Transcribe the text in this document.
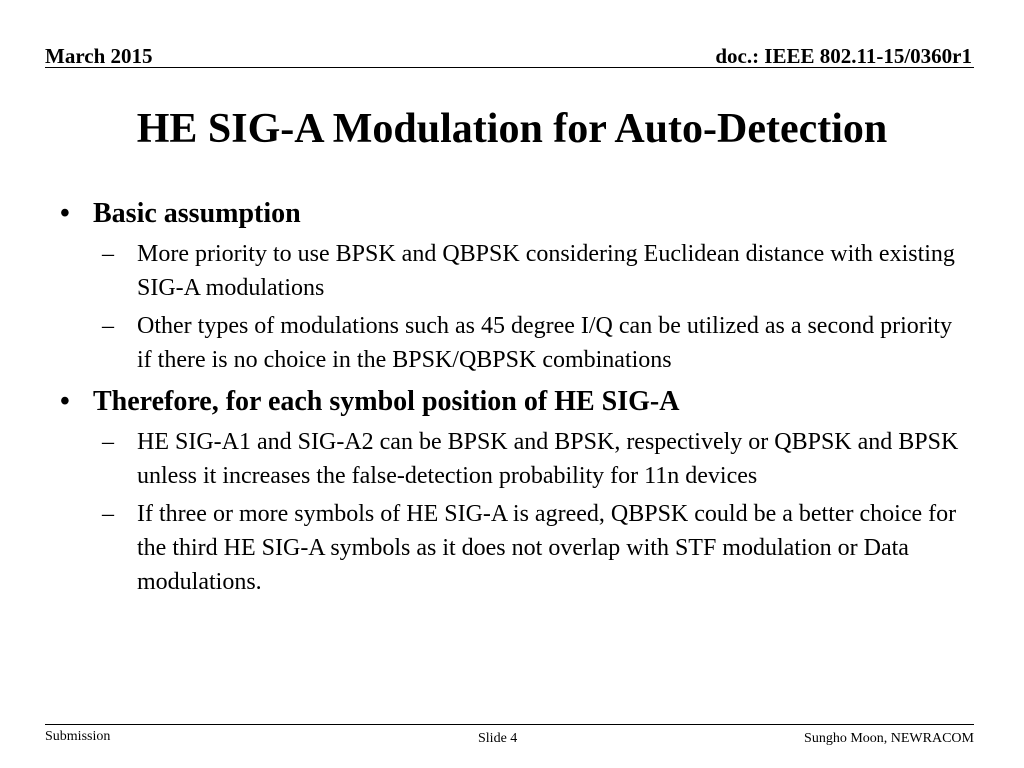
March 2015	doc.: IEEE 802.11-15/0360r1
HE SIG-A Modulation for Auto-Detection
• Basic assumption
– More priority to use BPSK and QBPSK considering Euclidean distance with existing SIG-A modulations
– Other types of modulations such as 45 degree I/Q can be utilized as a second priority if there is no choice in the BPSK/QBPSK combinations
• Therefore, for each symbol position of HE SIG-A
– HE SIG-A1 and SIG-A2 can be BPSK and BPSK, respectively or QBPSK and BPSK unless it increases the false-detection probability for 11n devices
– If three or more symbols of HE SIG-A is agreed, QBPSK could be a better choice for the third HE SIG-A symbols as it does not overlap with STF modulation or Data modulations.
Submission	Slide 4	Sungho Moon, NEWRACOM
